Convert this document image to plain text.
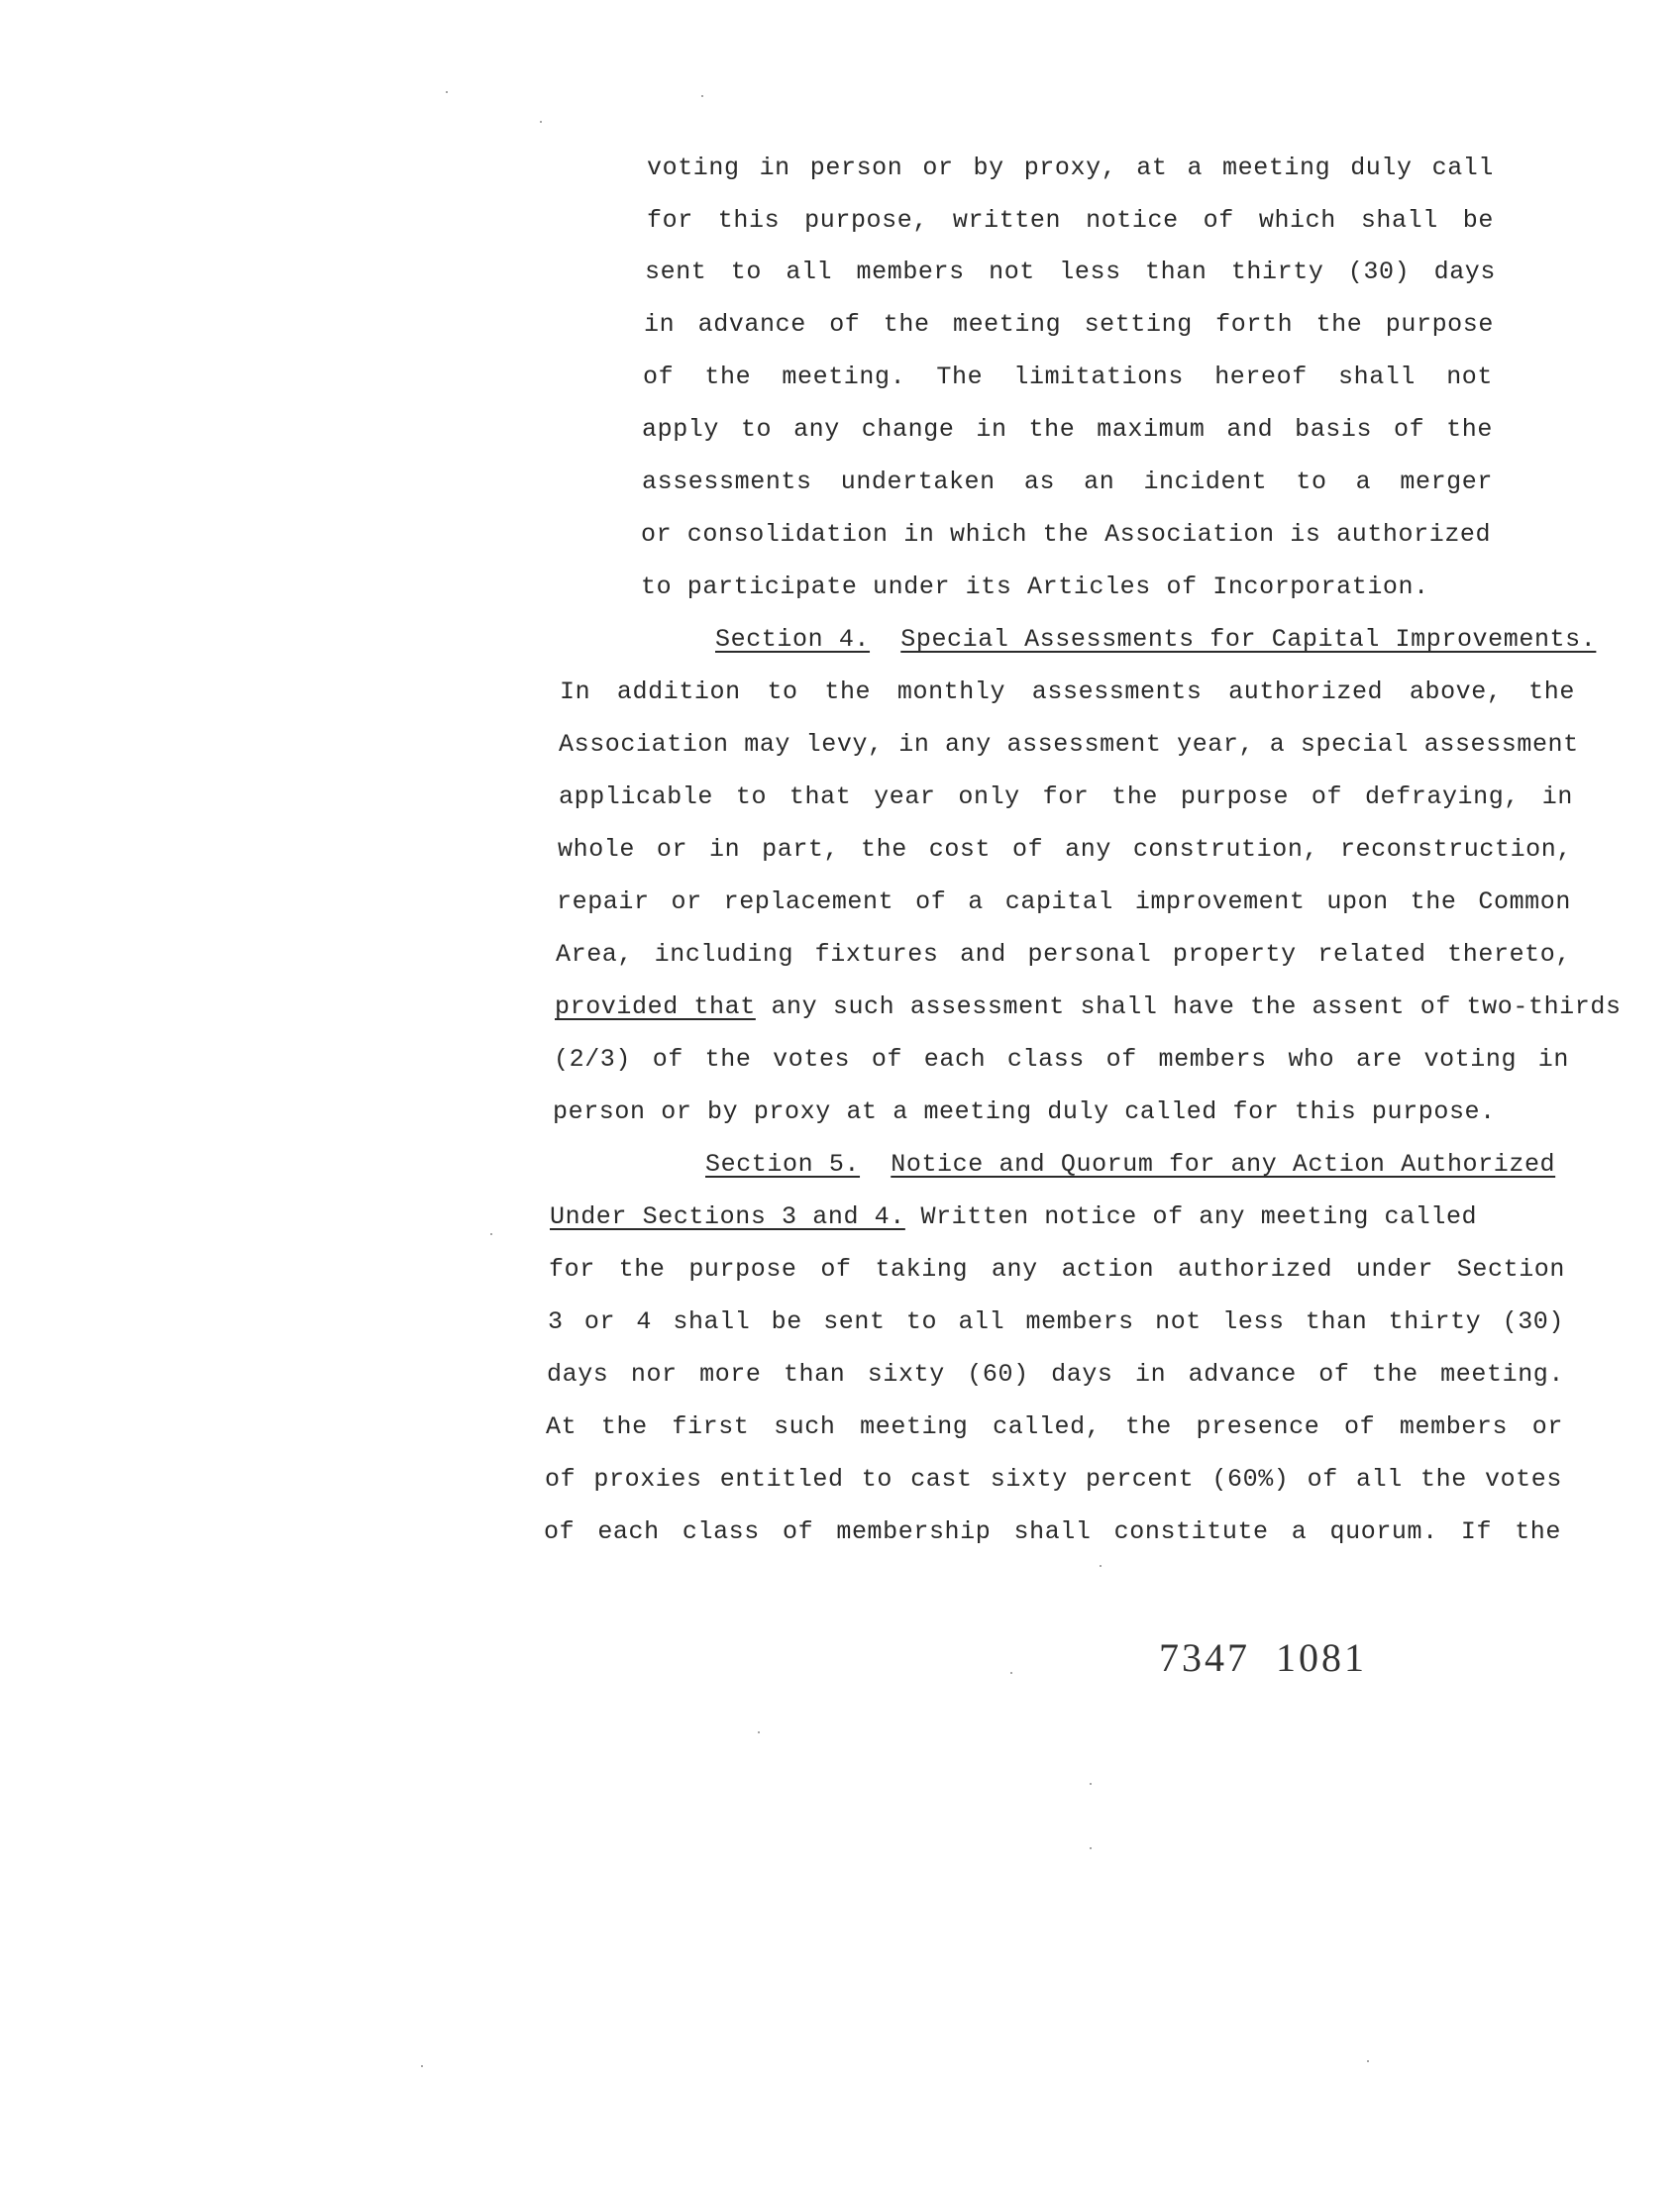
voting in person or by proxy, at a meeting duly call
for this purpose, written notice of which shall be
sent to all members not less than thirty (30) days
in advance of the meeting setting forth the purpose
of the meeting. The limitations hereof shall not
apply to any change in the maximum and basis of the
assessments undertaken as an incident to a merger
or consolidation in which the Association is authorized
to participate under its Articles of Incorporation.
Section 4. Special Assessments for Capital Improvements.
In addition to the monthly assessments authorized above, the
Association may levy, in any assessment year, a special assessment
applicable to that year only for the purpose of defraying, in
whole or in part, the cost of any constrution, reconstruction,
repair or replacement of a capital improvement upon the Common
Area, including fixtures and personal property related thereto,
provided that any such assessment shall have the assent of two-thirds
(2/3) of the votes of each class of members who are voting in
person or by proxy at a meeting duly called for this purpose.
Section 5. Notice and Quorum for any Action Authorized
Under Sections 3 and 4. Written notice of any meeting called
for the purpose of taking any action authorized under Section
3 or 4 shall be sent to all members not less than thirty (30)
days nor more than sixty (60) days in advance of the meeting.
At the first such meeting called, the presence of members or
of proxies entitled to cast sixty percent (60%) of all the votes
of each class of membership shall constitute a quorum. If the
7347  1081
